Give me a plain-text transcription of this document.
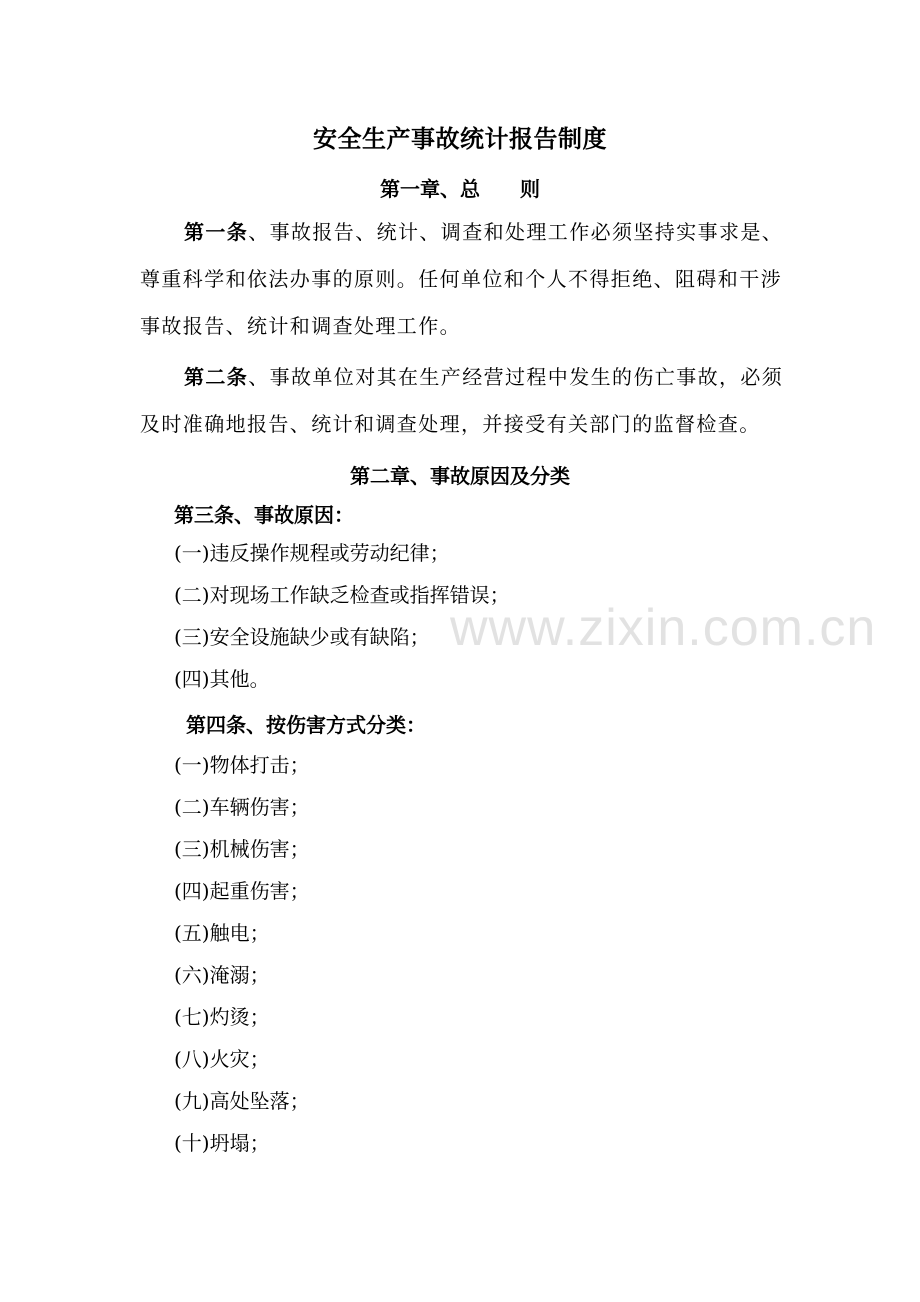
安全生产事故统计报告制度
第一章、总　　则
第一条、事故报告、统计、调查和处理工作必须坚持实事求是、尊重科学和依法办事的原则。任何单位和个人不得拒绝、阻碍和干涉事故报告、统计和调查处理工作。
第二条、事故单位对其在生产经营过程中发生的伤亡事故，必须及时准确地报告、统计和调查处理，并接受有关部门的监督检查。
第二章、事故原因及分类
第三条、事故原因：
(一)违反操作规程或劳动纪律；
(二)对现场工作缺乏检查或指挥错误；
(三)安全设施缺少或有缺陷；
(四)其他。
第四条、按伤害方式分类：
(一)物体打击；
(二)车辆伤害；
(三)机械伤害；
(四)起重伤害；
(五)触电；
(六)淹溺；
(七)灼烫；
(八)火灾；
(九)高处坠落；
(十)坍塌；
www.zixin.com.cn
